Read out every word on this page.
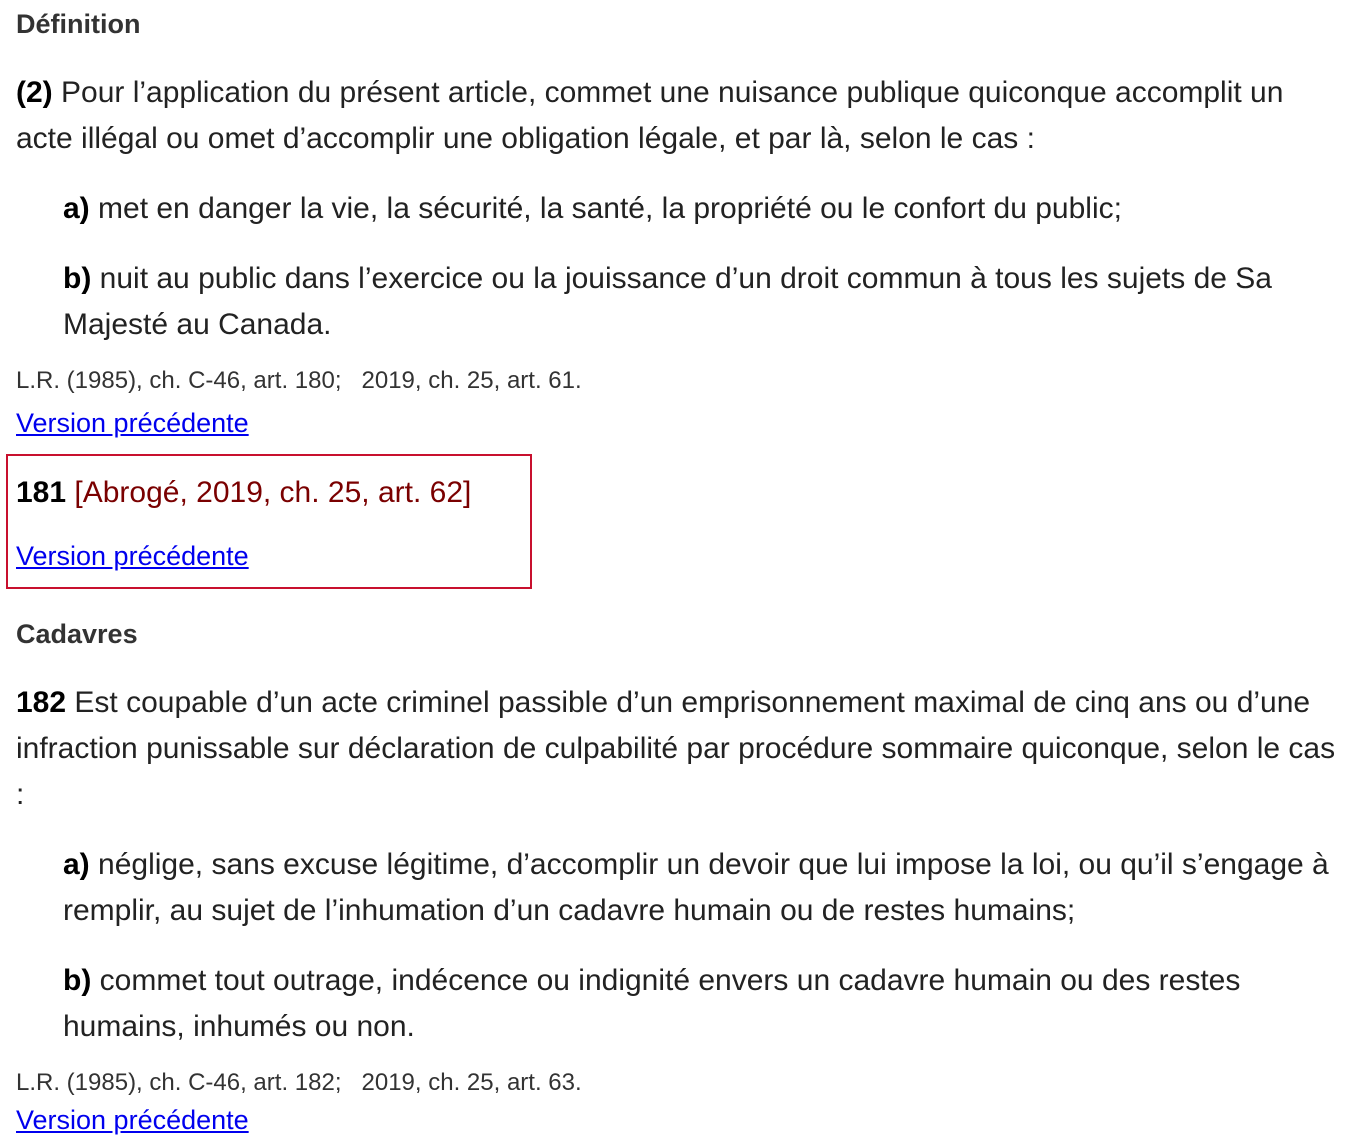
Définition

(2) Pour l’application du présent article, commet une nuisance publique quiconque accomplit un acte illégal ou omet d’accomplir une obligation légale, et par là, selon le cas :

a) met en danger la vie, la sécurité, la santé, la propriété ou le confort du public;

b) nuit au public dans l’exercice ou la jouissance d’un droit commun à tous les sujets de Sa Majesté au Canada.

L.R. (1985), ch. C-46, art. 180; 2019, ch. 25, art. 61.

Version précédente

181 [Abrogé, 2019, ch. 25, art. 62]

Version précédente
Cadavres

182 Est coupable d’un acte criminel passible d’un emprisonnement maximal de cinq ans ou d’une infraction punissable sur déclaration de culpabilité par procédure sommaire quiconque, selon le cas :

a) néglige, sans excuse légitime, d’accomplir un devoir que lui impose la loi, ou qu’il s’engage à remplir, au sujet de l’inhumation d’un cadavre humain ou de restes humains;

b) commet tout outrage, indécence ou indignité envers un cadavre humain ou des restes humains, inhumés ou non.

L.R. (1985), ch. C-46, art. 182; 2019, ch. 25, art. 63.

Version précédente
